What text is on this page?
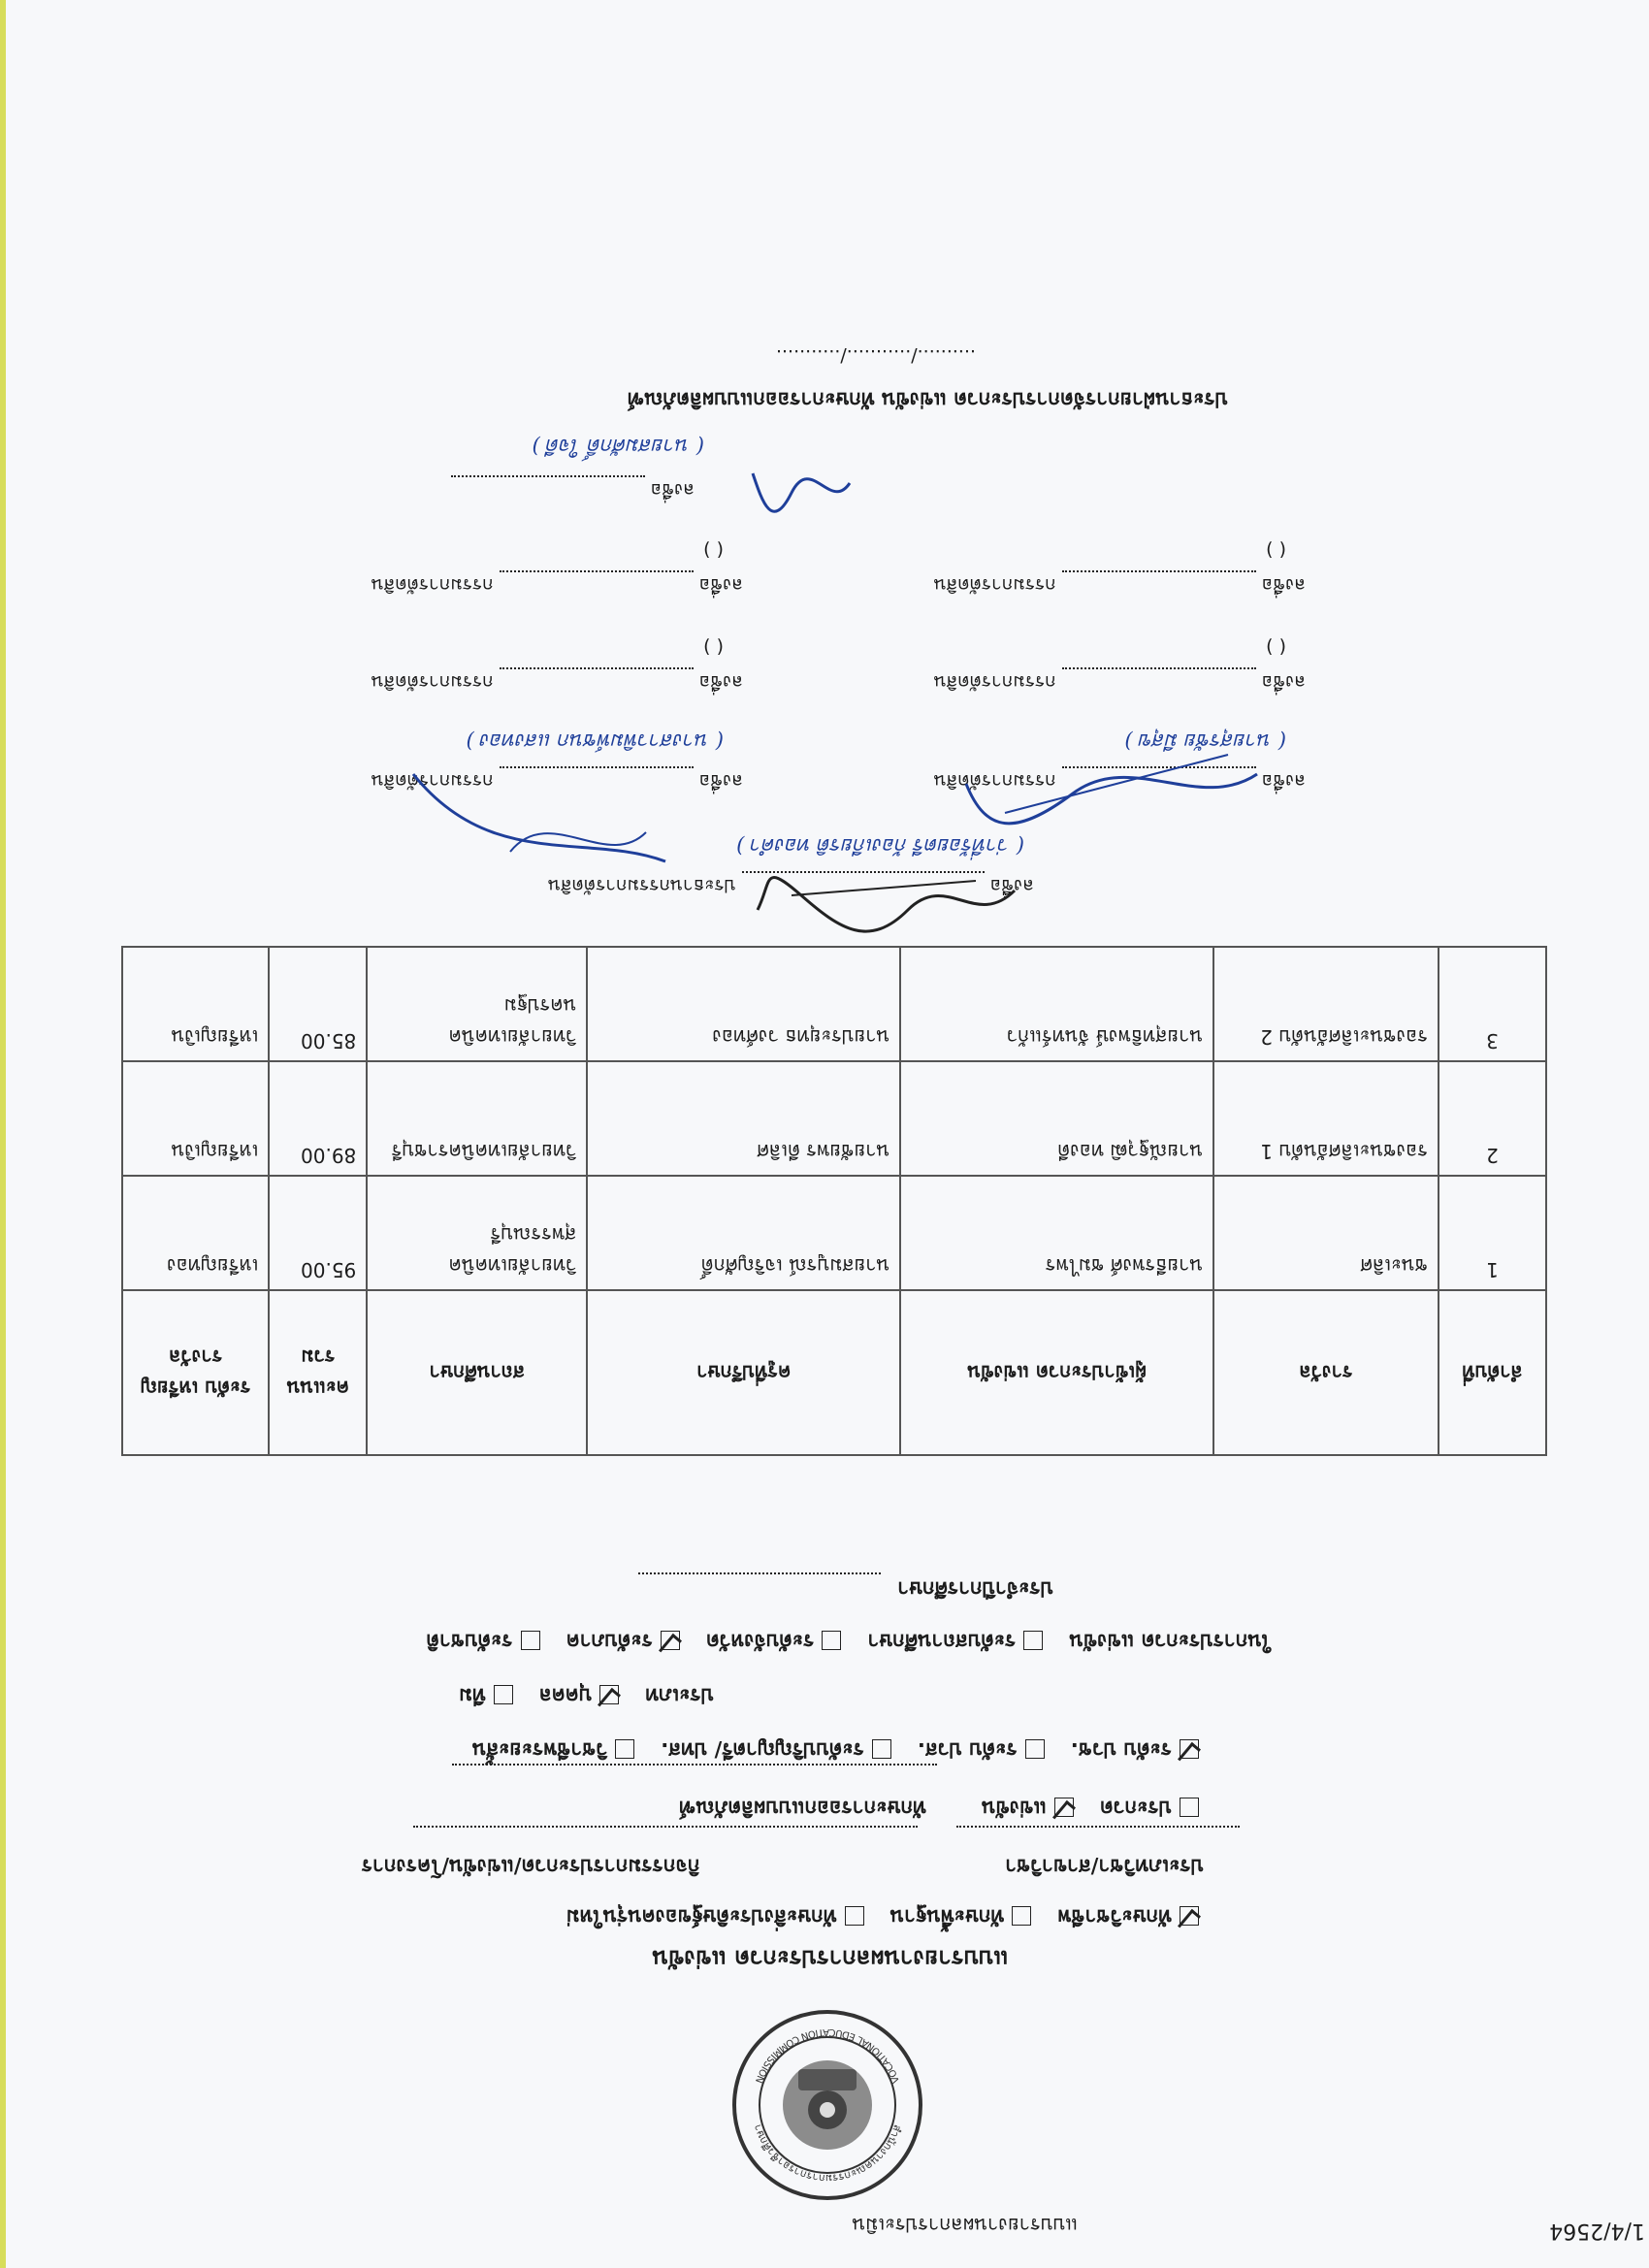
แบบรายงานผลการประเมิน	1/4/2564
สำนักงานคณะกรรมการการอาชีวศึกษา
VOCATIONAL EDUCATION COMMISSION
แบบรายงานผลการประกวด แข่งขัน
ทักษะวิชาชีพ ทักษะพื้นฐาน ทักษะสิ่งประดิษฐ์ของคนรุ่นใหม่
ประเภทวิชา/สาขาวิชา  กิจกรรมการประกวด/แข่งขัน/โครงการ

ประกวด แข่งขัน ทักษะการออกแบบผลิตภัณฑ์
ระดับ ปวช. ระดับ ปวส. ระดับปริญญาตรี/ ปทส. วิชาชีพระยะสั้น
ประเภท บุคคล ทีม
ในการประกวด แข่งขัน ระดับสถานศึกษา ระดับจังหวัด ระดับภาค ระดับชาติ
ประจำปีการศึกษา
ลำดับที่	รางวัล	ผู้เข้าประกวด แข่งขัน	ครูที่ปรึกษา	สถานศึกษา	คะแนน รวม	ระดับ เหรียญ รางวัล
1	ชนะเลิศ	นายธีรพงศ์ ชมไพร	นายสมบูรณ์ เจริญศักดิ์	วิทยาลัยเทคนิคสุพรรณบุรี	95.00	เหรียญทอง
2	รองชนะเลิศอันดับ 1	นายณัฐวุฒิ ทองดี	นายชัยพร ดีเลิศ	วิทยาลัยเทคนิคราชบุรี	89.00	เหรียญเงิน
3	รองชนะเลิศอันดับ 2	นายสุทธิพงษ์ จันทร์แก้ว	นายประยุทธ วงศ์ทอง	วิทยาลัยเทคนิคนครปฐม	85.00	เหรียญเงิน
ลงชื่อ  ประธานกรรมการตัดสิน
( ว่าที่ร้อยตรี ก้องเกียรติ ทองคำ )
ลงชื่อ  กรรมการตัดสิน
ลงชื่อ  กรรมการตัดสิน
( นายสุรชัย มีสุข )
( นางสาวพิมพ์ชนก แสงทอง )
ลงชื่อ  กรรมการตัดสิน
ลงชื่อ  กรรมการตัดสิน
( )
( )
ลงชื่อ  กรรมการตัดสิน
ลงชื่อ  กรรมการตัดสิน
( )
( )
ลงชื่อ
( นายสมศักดิ์ ใจดี )
ประธานฝ่ายการจัดการประกวด แข่งขัน ทักษะการออกแบบผลิตภัณฑ์
........../.........../...........
